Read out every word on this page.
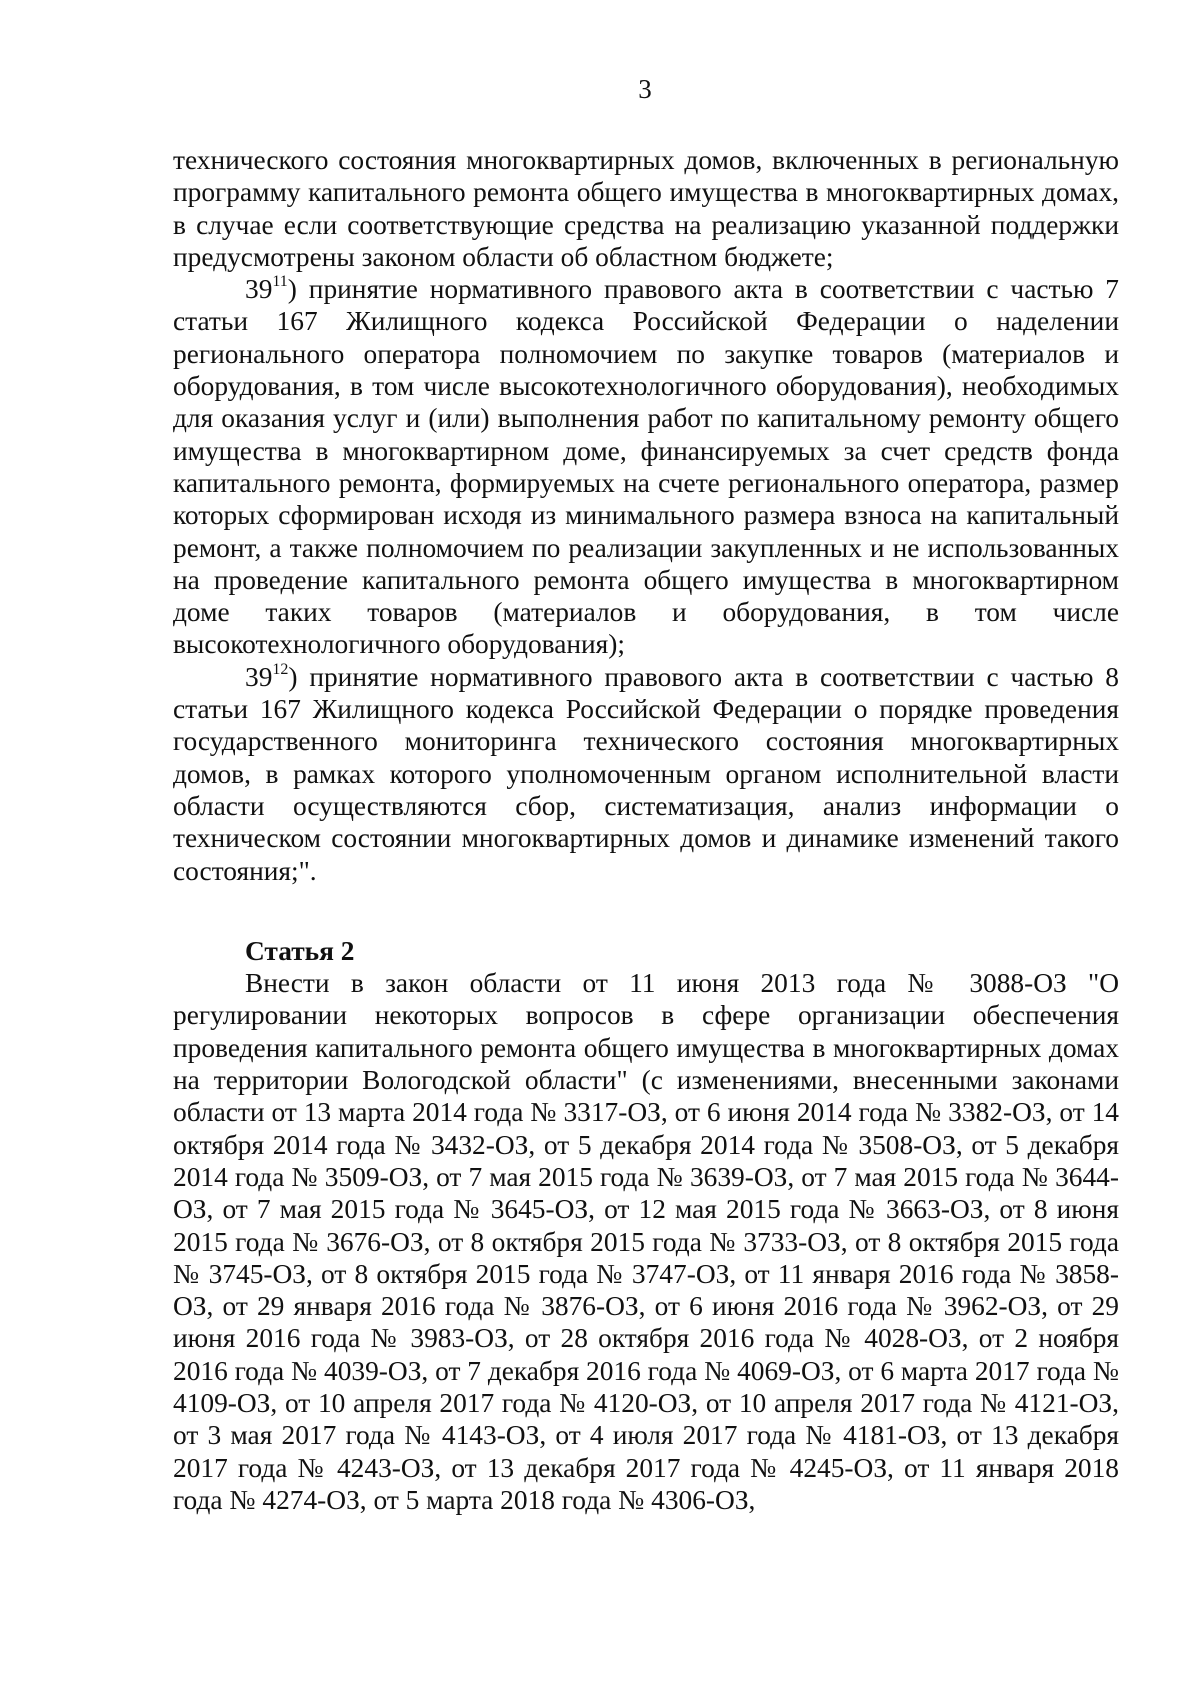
3

технического состояния многоквартирных домов, включенных в региональную программу капитального ремонта общего имущества в многоквартирных домах, в случае если соответствующие средства на реализацию указанной поддержки предусмотрены законом области об областном бюджете;

$39^{11}$) принятие нормативного правового акта в соответствии с частью 7 статьи 167 Жилищного кодекса Российской Федерации о наделении регионального оператора полномочием по закупке товаров (материалов и оборудования, в том числе высокотехнологичного оборудования), необходимых для оказания услуг и (или) выполнения работ по капитальному ремонту общего имущества в многоквартирном доме, финансируемых за счет средств фонда капитального ремонта, формируемых на счете регионального оператора, размер которых сформирован исходя из минимального размера взноса на капитальный ремонт, а также полномочием по реализации закупленных и не использованных на проведение капитального ремонта общего имущества в многоквартирном доме таких товаров (материалов и оборудования, в том числе высокотехнологичного оборудования);

$39^{12}$) принятие нормативного правового акта в соответствии с частью 8 статьи 167 Жилищного кодекса Российской Федерации о порядке проведения государственного мониторинга технического состояния многоквартирных домов, в рамках которого уполномоченным органом исполнительной власти области осуществляются сбор, систематизация, анализ информации о техническом состоянии многоквартирных домов и динамике изменений такого состояния;".

Статья 2

Внести в закон области от 11 июня 2013 года № 3088-ОЗ "О регулировании некоторых вопросов в сфере организации обеспечения проведения капитального ремонта общего имущества в многоквартирных домах на территории Вологодской области" (с изменениями, внесенными законами области от 13 марта 2014 года № 3317-ОЗ, от 6 июня 2014 года № 3382-ОЗ, от 14 октября 2014 года № 3432-ОЗ, от 5 декабря 2014 года № 3508-ОЗ, от 5 декабря 2014 года № 3509-ОЗ, от 7 мая 2015 года № 3639-ОЗ, от 7 мая 2015 года № 3644-ОЗ, от 7 мая 2015 года № 3645-ОЗ, от 12 мая 2015 года № 3663-ОЗ, от 8 июня 2015 года № 3676-ОЗ, от 8 октября 2015 года № 3733-ОЗ, от 8 октября 2015 года № 3745-ОЗ, от 8 октября 2015 года № 3747-ОЗ, от 11 января 2016 года № 3858-ОЗ, от 29 января 2016 года № 3876-ОЗ, от 6 июня 2016 года № 3962-ОЗ, от 29 июня 2016 года № 3983-ОЗ, от 28 октября 2016 года № 4028-ОЗ, от 2 ноября 2016 года № 4039-ОЗ, от 7 декабря 2016 года № 4069-ОЗ, от 6 марта 2017 года № 4109-ОЗ, от 10 апреля 2017 года № 4120-ОЗ, от 10 апреля 2017 года № 4121-ОЗ, от 3 мая 2017 года № 4143-ОЗ, от 4 июля 2017 года № 4181-ОЗ, от 13 декабря 2017 года № 4243-ОЗ, от 13 декабря 2017 года № 4245-ОЗ, от 11 января 2018 года № 4274-ОЗ, от 5 марта 2018 года № 4306-ОЗ,
